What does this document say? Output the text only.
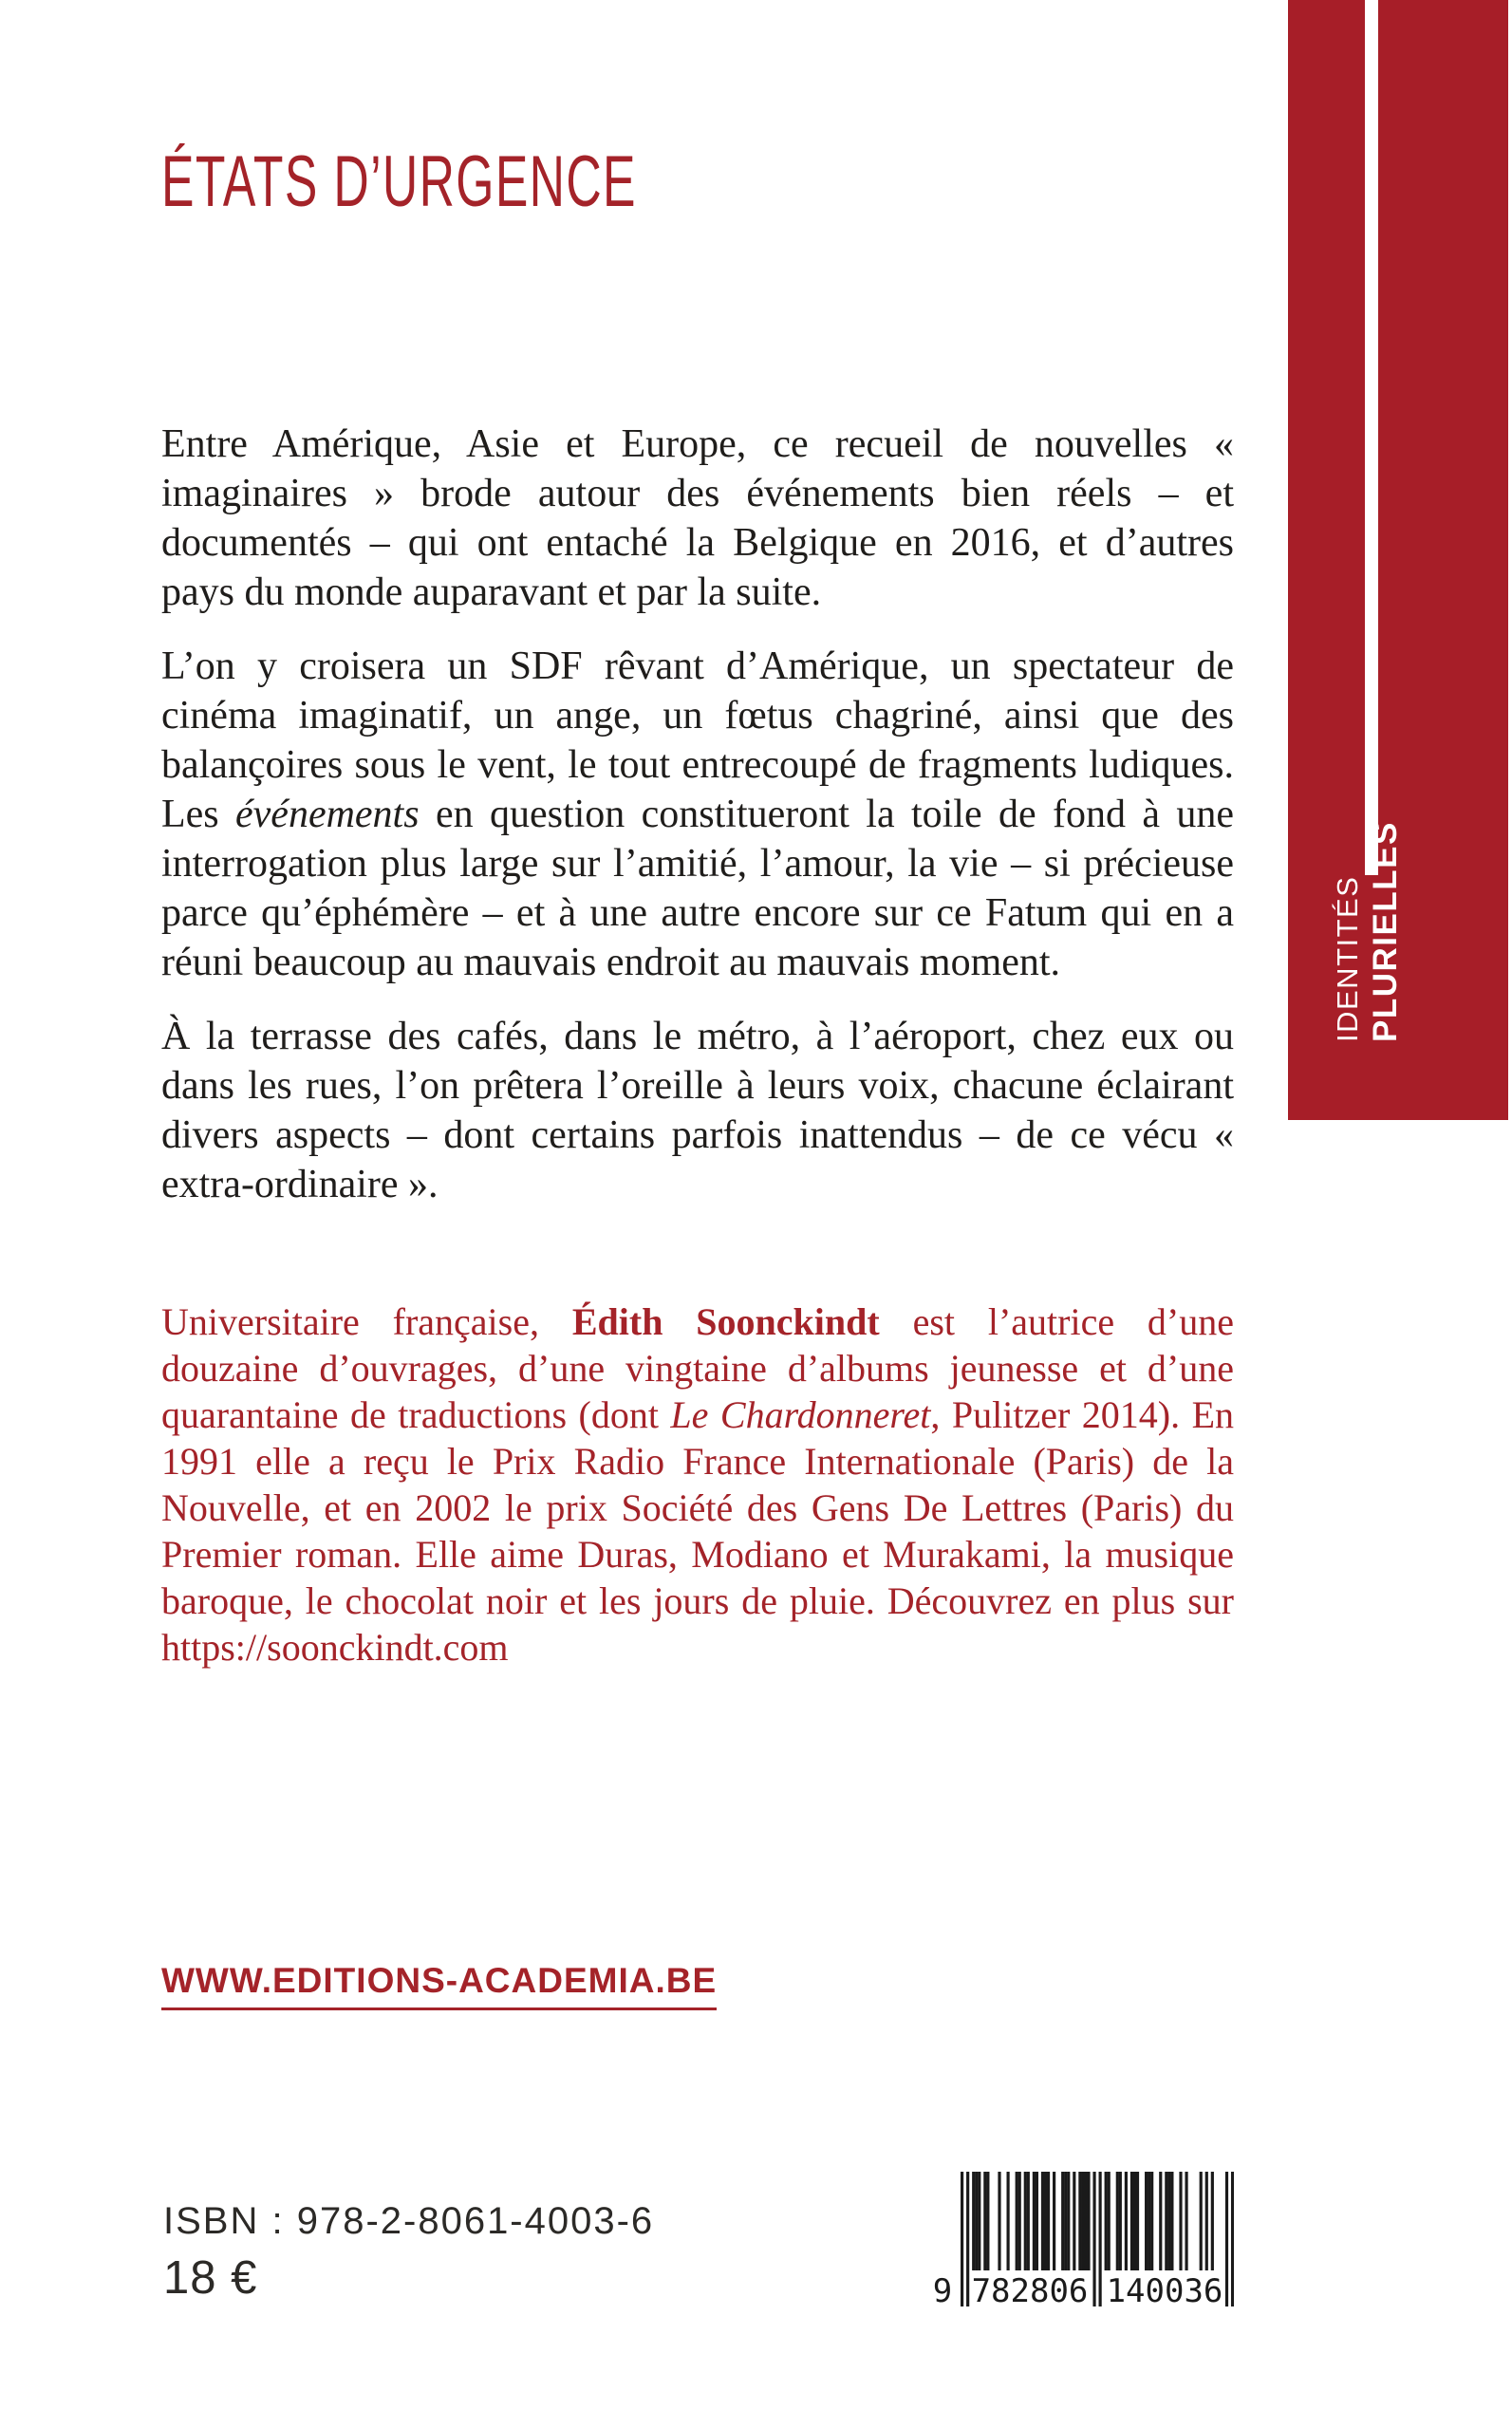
ÉTATS D’URGENCE

Entre Amérique, Asie et Europe, ce recueil de nouvelles « imaginaires » brode autour des événements bien réels – et documentés – qui ont entaché la Belgique en 2016, et d’autres pays du monde auparavant et par la suite.

L’on y croisera un SDF rêvant d’Amérique, un spectateur de cinéma imaginatif, un ange, un fœtus chagriné, ainsi que des balançoires sous le vent, le tout entrecoupé de fragments ludiques. Les événements en question constitueront la toile de fond à une interrogation plus large sur l’amitié, l’amour, la vie – si précieuse parce qu’éphémère – et à une autre encore sur ce Fatum qui en a réuni beaucoup au mauvais endroit au mauvais moment.

À la terrasse des cafés, dans le métro, à l’aéroport, chez eux ou dans les rues, l’on prêtera l’oreille à leurs voix, chacune éclairant divers aspects – dont certains parfois inattendus – de ce vécu « extra-ordinaire ».

Universitaire française, Édith Soonckindt est l’autrice d’une douzaine d’ouvrages, d’une vingtaine d’albums jeunesse et d’une quarantaine de traductions (dont Le Chardonneret, Pulitzer 2014). En 1991 elle a reçu le Prix Radio France Internationale (Paris) de la Nouvelle, et en 2002 le prix Société des Gens De Lettres (Paris) du Premier roman. Elle aime Duras, Modiano et Murakami, la musique baroque, le chocolat noir et les jours de pluie. Découvrez en plus sur https://soonckindt.com

IDENTITÉS PLURIELLES
WWW.EDITIONS-ACADEMIA.BE
ISBN : 978-2-8061-4003-6
18 €	9 782806 140036
